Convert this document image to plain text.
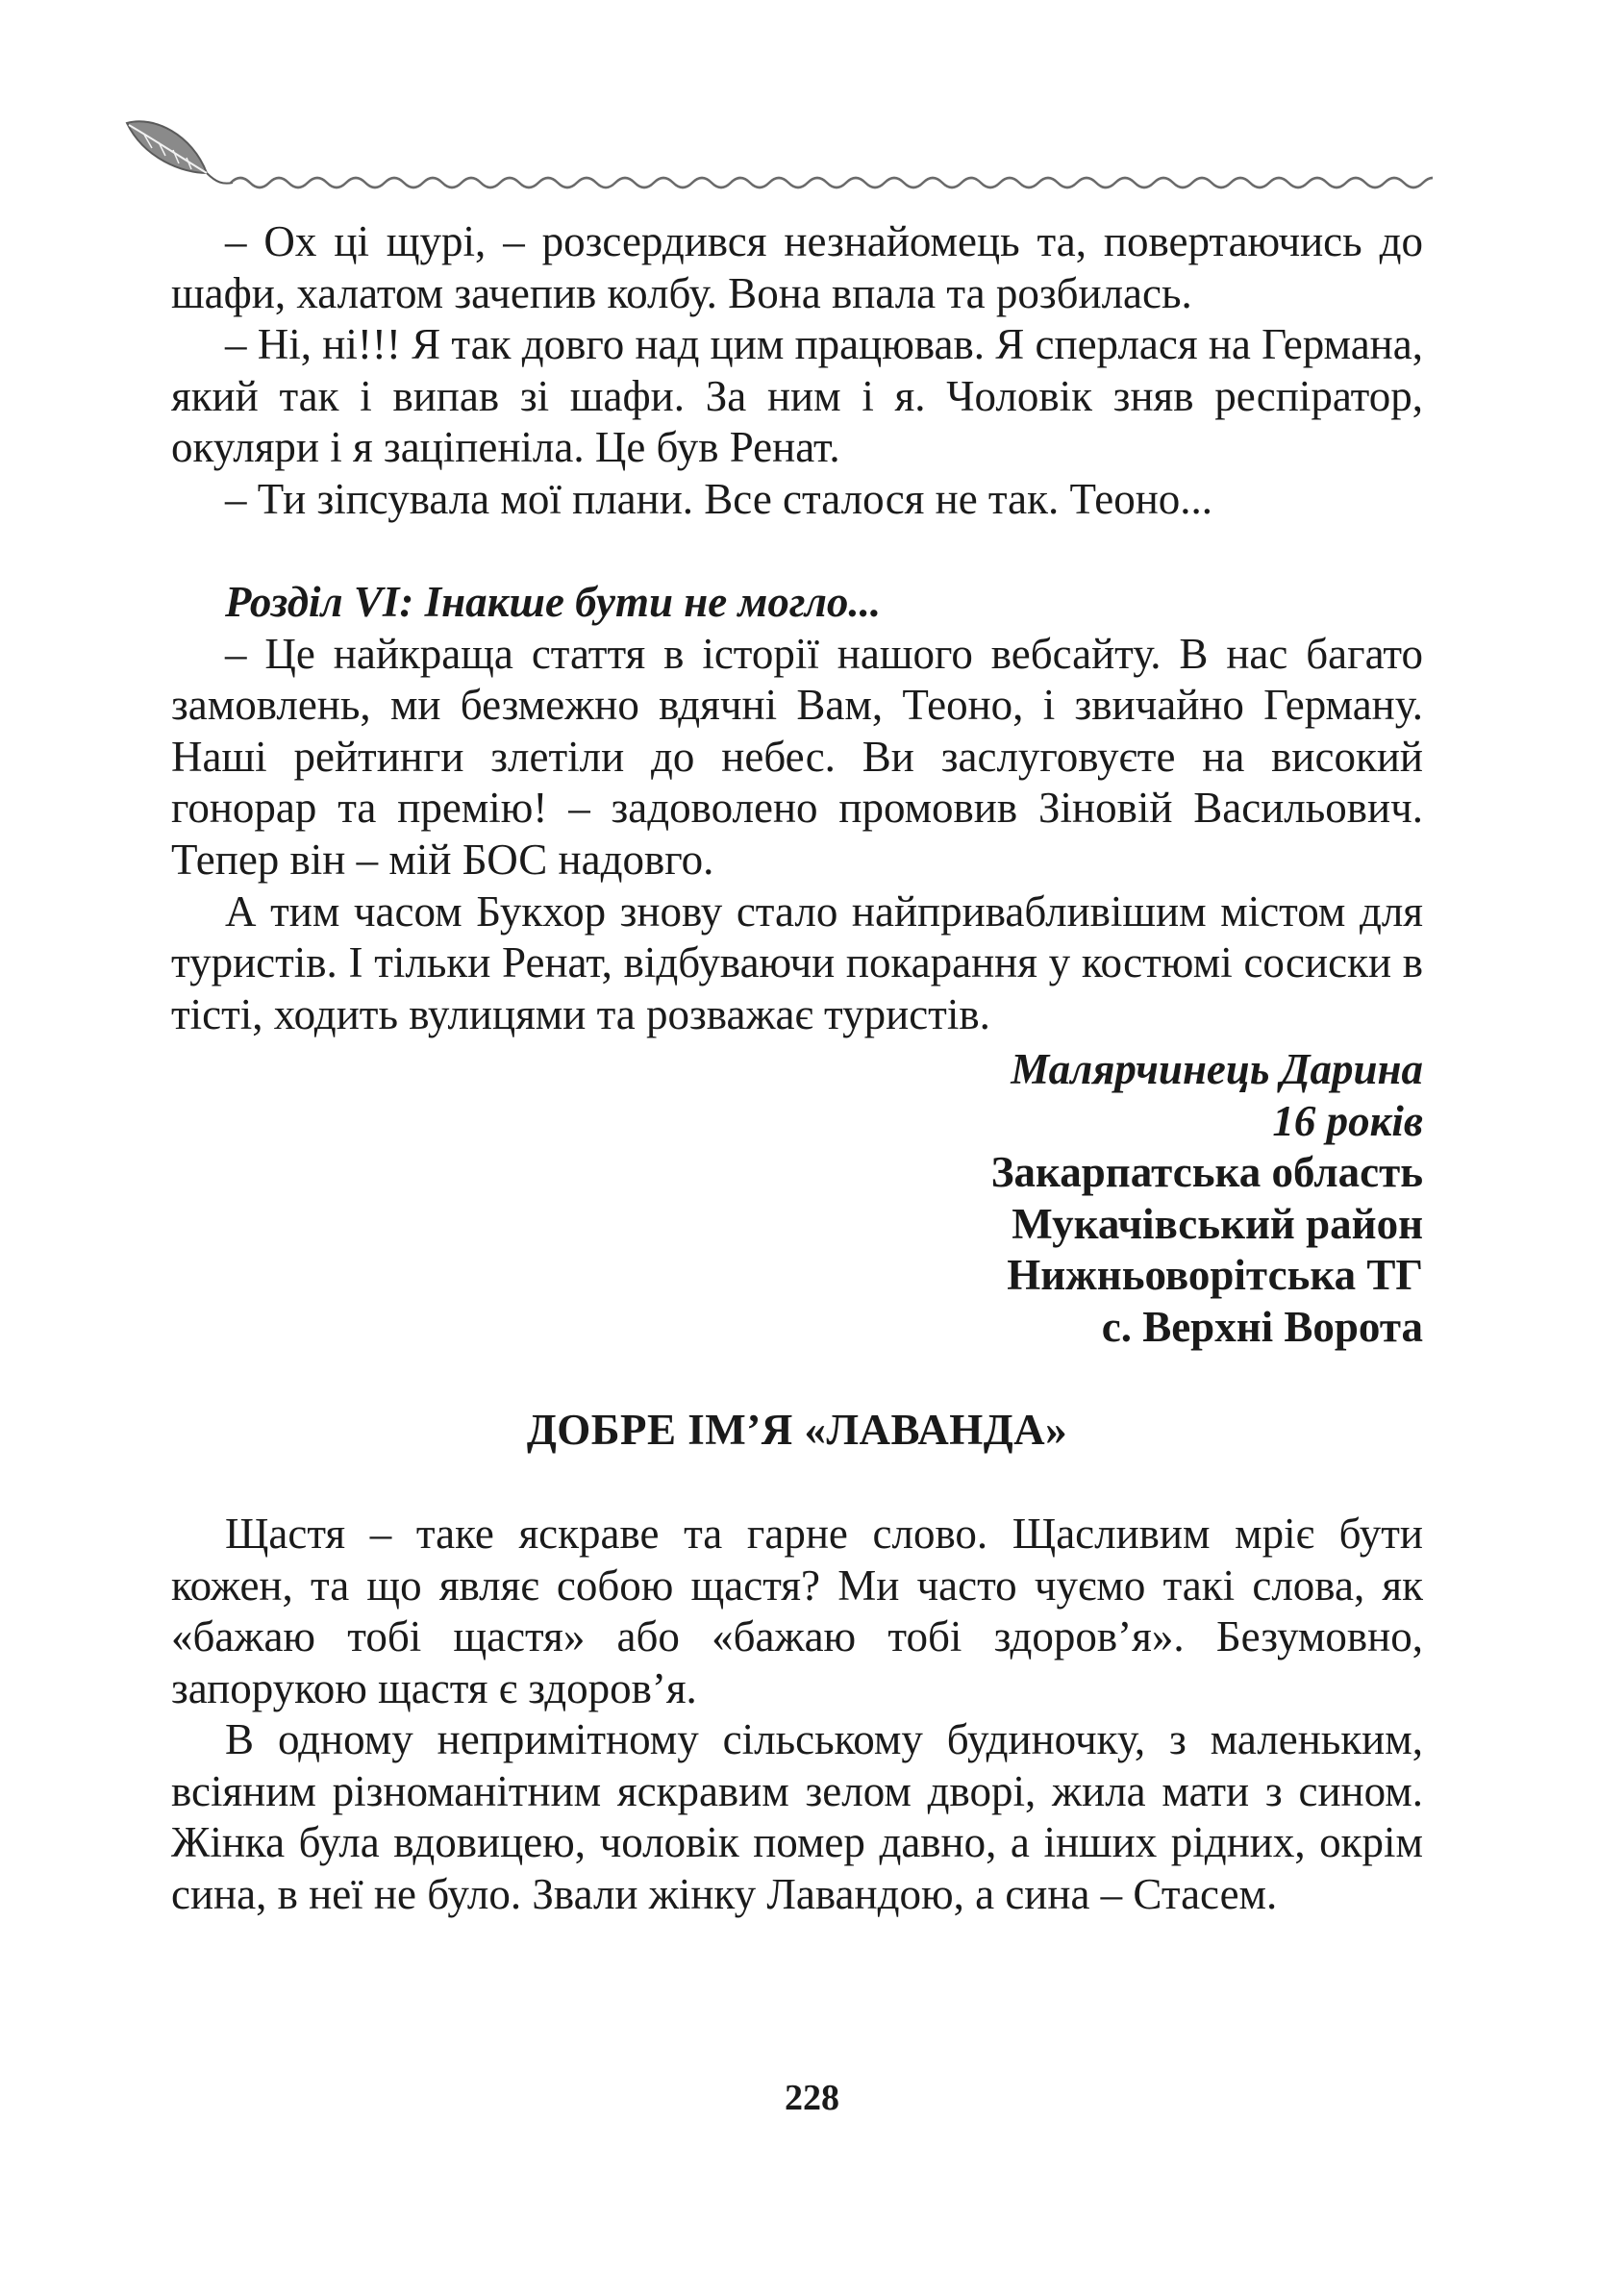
– Ох ці щурі, – розсердився незнайомець та, повертаючись до шафи, халатом зачепив колбу. Вона впала та розбилась.

– Ні, ні!!! Я так довго над цим працював. Я сперлася на Германа, який так і випав зі шафи. За ним і я. Чоловік зняв респіратор, окуляри і я заціпеніла. Це був Ренат.

– Ти зіпсувала мої плани. Все сталося не так. Теоно...

Розділ VI: Інакше бути не могло...

– Це найкраща стаття в історії нашого вебсайту. В нас багато замовлень, ми безмежно вдячні Вам, Теоно, і звичайно Герману. Наші рейтинги злетіли до небес. Ви заслуговуєте на високий гонорар та премію! – задоволено промовив Зіновій Васильович. Тепер він – мій БОС надовго.

А тим часом Букхор знову стало найпривабливішим містом для туристів. І тільки Ренат, відбуваючи покарання у костюмі сосиски в тісті, ходить вулицями та розважає туристів.

Малярчинець Дарина
16 років
Закарпатська область
Мукачівський район
Нижньоворітська ТГ
с. Верхні Ворота
ДОБРЕ ІМ’Я «ЛАВАНДА»

Щастя – таке яскраве та гарне слово. Щасливим мріє бути кожен, та що являє собою щастя? Ми часто чуємо такі слова, як «бажаю тобі щастя» або «бажаю тобі здоров’я». Безумовно, запорукою щастя є здоров’я.

В одному непримітному сільському будиночку, з маленьким, всіяним різноманітним яскравим зелом дворі, жила мати з сином. Жінка була вдовицею, чоловік помер давно, а інших рідних, окрім сина, в неї не було. Звали жінку Лавандою, а сина – Стасем.

228
